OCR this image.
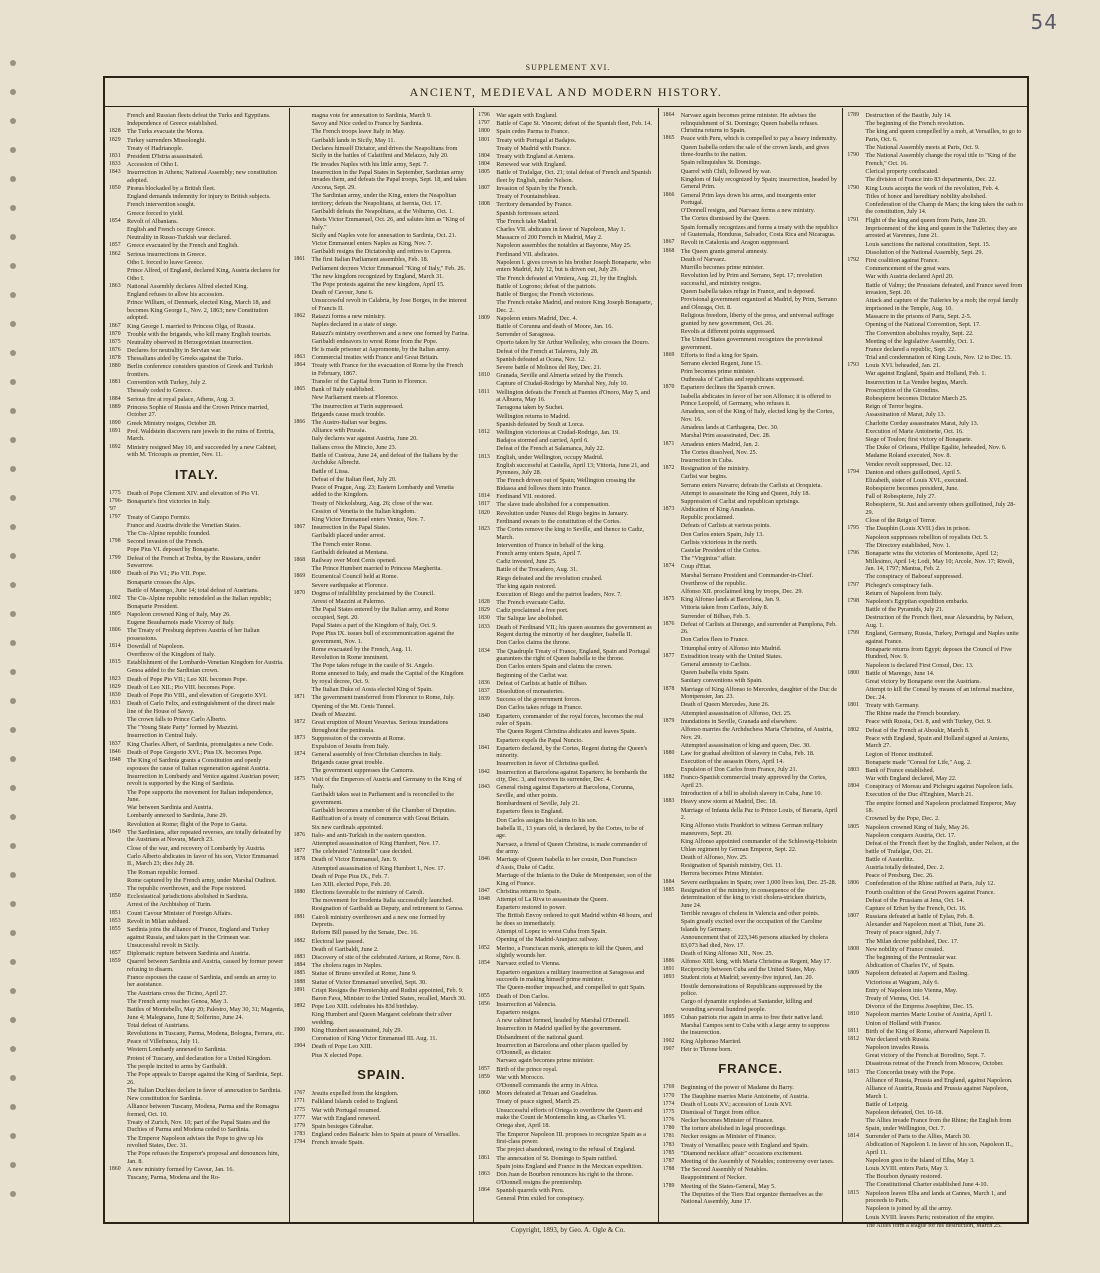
54
SUPPLEMENT XVI.
ANCIENT, MEDIEVAL AND MODERN HISTORY.
French and Russian fleets defeat the Turks and Egyptians.
Independence of Greece established.
1828	The Turks evacuate the Morea.
1829	Turkey surrenders Missolonghi.
Treaty of Hadrianople.
1831	President D'Istria assassinated.
1833	Accession of Otho I.
1843	Insurrection in Athens; National Assembly; new constitution adopted.
1850	Piræus blockaded by a British fleet.
England demands indemnity for injury to British subjects.
French intervention sought.
Greece forced to yield.
1854	Revolt of Albanians.
English and French occupy Greece.
Neutrality in Russo-Turkish war declared.
1857	Greece evacuated by the French and English.
1862	Serious insurrections in Greece.
Otho I. forced to leave Greece.
Prince Alfred, of England, declared King, Austria declares for Otho I.
1863	National Assembly declares Alfred elected King.
England refuses to allow his accession.
Prince William, of Denmark, elected King, March 18, and becomes King George I., Nov. 2, 1863; new Constitution adopted.
1867	King George I. married to Princess Olga, of Russia.
1870	Trouble with the brigands, who kill many English tourists.
1875	Neutrality observed in Herzegovinian insurrection.
1876	Declares for neutrality in Servian war.
1878	Thessalians aided by Greeks against the Turks.
1880	Berlin conference considers question of Greek and Turkish frontiers.
1881	Convention with Turkey, July 2.
Thessaly ceded to Greece.
1884	Serious fire at royal palace, Athens, Aug. 3.
1889	Princess Sophie of Russia and the Crown Prince married, October 27.
1890	Greek Ministry resigns, October 28.
1891	Prof. Waldstein discovers rare jewels in the ruins of Eretria, March.
1892	Ministry resigned May 10, and succeeded by a new Cabinet, with M. Tricoupis as premier, Nov. 11.
ITALY.
1775	Death of Pope Clement XIV. and elevation of Pio VI.
1796-'97
Bonaparte's first victories in Italy.
1797	Treaty of Campo Formio.
France and Austria divide the Venetian States.
The Cis-Alpine republic founded.
1798	Second invasion of the French.
Pope Pius VI. deposed by Bonaparte.
1799	Defeat of the French at Trebia, by the Russians, under Suwarrow.
1800	Death of Pio VI.; Pio VII. Pope.
Bonaparte crosses the Alps.
Battle of Marengo, June 14; total defeat of Austrians.
1802	The Cis-Alpine republic remodeled as the Italian republic; Bonaparte President.
1805	Napoleon crowned King of Italy, May 26.
Eugene Beauharnois made Viceroy of Italy.
1806	The Treaty of Presburg deprives Austria of her Italian possessions.
1814	Downfall of Napoleon.
Overthrow of the Kingdom of Italy.
1815	Establishment of the Lombardo-Venetian Kingdom for Austria.
Genoa added to the Sardinian crown.
1823	Death of Pope Pio VII.; Leo XII. becomes Pope.
1829	Death of Leo XII.; Pio VIII. becomes Pope.
1830	Death of Pope Pio VIII., and elevation of Gregorio XVI.
1831	Death of Carlo Felix, and extinguishment of the direct male line of the House of Savoy.
The crown falls to Prince Carlo Alberto.
The "Young State Party" formed by Mazzini.
Insurrection in Central Italy.
1837	King Charles Albert, of Sardinia, promulgates a new Code.
1846	Death of Pope Gregorio XVI.; Pius IX. becomes Pope.
1848	The King of Sardinia grants a Constitution and openly espouses the cause of Italian regeneration against Austria.
Insurrection in Lombardy and Venice against Austrian power; revolt is supported by the King of Sardinia.
The Pope supports the movement for Italian independence, June.
War between Sardinia and Austria.
Lombardy annexed to Sardinia, June 29.
Revolution at Rome; flight of the Pope to Gaeta.
1849	The Sardinians, after repeated reverses, are totally defeated by the Austrians at Novara, March 23.
Close of the war, and recovery of Lombardy by Austria.
Carlo Alberto abdicates in favor of his son, Victor Emmanuel II., March 23; dies July 28.
The Roman republic formed.
Rome captured by the French army, under Marshal Oudinot.
The republic overthrown, and the Pope restored.
1850	Ecclesiastical jurisdictions abolished in Sardinia.
Arrest of the Archbishop of Turin.
1851	Count Cavour Minister of Foreign Affairs.
1853	Revolt in Milan subdued.
1855	Sardinia joins the alliance of France, England and Turkey against Russia, and takes part in the Crimean war.
Unsuccessful revolt in Sicily.
1857	Diplomatic rupture between Sardinia and Austria.
1859	Quarrel between Sardinia and Austria, caused by former power refusing to disarm.
France espouses the cause of Sardinia, and sends an army to her assistance.
The Austrians cross the Ticino, April 27.
The French army reaches Genoa, May 3.
Battles of Montebello, May 20; Palestro, May 30, 31; Magenta, June 4; Malegnano, June 8; Solferino, June 24.
Total defeat of Austrians.
Revolutions in Tuscany, Parma, Modena, Bologna, Ferrara, etc.
Peace of Villefranca, July 11.
Western Lombardy annexed to Sardinia.
Protest of Tuscany, and declaration for a United Kingdom.
The people incited to arms by Garibaldi.
The Pope appeals to Europe against the King of Sardinia, Sept. 26.
The Italian Duchies declare in favor of annexation to Sardinia.
New constitution for Sardinia.
Alliance between Tuscany, Modena, Parma and the Romagna formed, Oct. 10.
Treaty of Zurich, Nov. 10; part of the Papal States and the Duchies of Parma and Modena ceded to Sardinia.
The Emperor Napoleon advises the Pope to give up his revolted States, Dec. 31.
The Pope refuses the Emperor's proposal and denounces him, Jan. 8.
1860	A new ministry formed by Cavour, Jan. 16.
Tuscany, Parma, Modena and the Ro-
magna vote for annexation to Sardinia, March 9.
Savoy and Nice ceded to France by Sardinia.
The French troops leave Italy in May.
Garibaldi lands in Sicily, May 11.
Declares himself Dictator, and drives the Neapolitans from Sicily in the battles of Calatifimi and Melazzo, July 20.
He invades Naples with his little army, Sept. 7.
Insurrection in the Papal States in September, Sardinian army invades them, and defeats the Papal troops, Sept. 18, and takes Ancona, Sept. 29.
The Sardinian army, under the King, enters the Neapolitan territory; defeats the Neapolitans, at Isernia, Oct. 17.
Garibaldi defeats the Neapolitans, at the Volturno, Oct. 1.
Meets Victor Emmanuel, Oct. 26, and salutes him as "King of Italy."
Sicily and Naples vote for annexation to Sardinia, Oct. 21.
Victor Emmanuel enters Naples as King, Nov. 7.
Garibaldi resigns the Dictatorship and retires to Caprera.
1861	The first Italian Parliament assembles, Feb. 18.
Parliament decrees Victor Emmanuel "King of Italy," Feb. 26.
The new kingdom recognized by England, March 31.
The Pope protests against the new kingdom, April 15.
Death of Cavour, June 6.
Unsuccessful revolt in Calabria, by Jose Borges, in the interest of Francis II.
1862	Ratazzi forms a new ministry.
Naples declared in a state of siege.
Ratazzi's ministry overthrown and a new one formed by Farina.
Garibaldi endeavors to wrest Rome from the Pope.
He is made prisoner at Aspromonte, by the Italian army.
1863	Commercial treaties with France and Great Britain.
1864	Treaty with France for the evacuation of Rome by the French in February, 1867.
Transfer of the Capital from Turin to Florence.
1865	Bank of Italy established.
New Parliament meets at Florence.
The insurrection at Turin suppressed.
Brigands cause much trouble.
1866	The Austro-Italian war begins.
Alliance with Prussia.
Italy declares war against Austria, June 20.
Italians cross the Mincio, June 23.
Battle of Custoza, June 24, and defeat of the Italians by the Archduke Albrecht.
Battle of Lissa.
Defeat of the Italian fleet, July 20.
Peace of Prague, Aug. 23; Eastern Lombardy and Venetia added to the Kingdom.
Treaty of Nickolsburg, Aug. 26; close of the war.
Cession of Venetia to the Italian kingdom.
King Victor Emmanuel enters Venice, Nov. 7.
1867	Insurrection in the Papal States.
Garibaldi placed under arrest.
The French enter Rome.
Garibaldi defeated at Mentana.
1868	Railway over Mont Cenis opened.
The Prince Humbert married to Princess Margherita.
1869	Ecumenical Council held at Rome.
Severe earthquake at Florence.
1870	Dogma of infallibility proclaimed by the Council.
Arrest of Mazzini at Palermo.
The Papal States entered by the Italian army, and Rome occupied, Sept. 20.
Papal States a part of the Kingdom of Italy, Oct. 9.
Pope Pius IX. issues bull of excommunication against the government, Nov. 1.
Rome evacuated by the French, Aug. 11.
Revolution in Rome imminent.
The Pope takes refuge in the castle of St. Angelo.
Rome annexed to Italy, and made the Capital of the Kingdom by royal decree, Oct. 9.
The Italian Duke of Aosta elected King of Spain.
1871	The government transferred from Florence to Rome, July.
Opening of the Mt. Cenis Tunnel.
Death of Mazzini.
1872	Great eruption of Mount Vesuvius. Serious inundations throughout the peninsula.
1873	Suppression of the convents at Rome.
Expulsion of Jesuits from Italy.
1874	General assembly of free Christian churches in Italy.
Brigands cause great trouble.
The government suppresses the Camorra.
1875	Visit of the Emperors of Austria and Germany to the King of Italy.
Garibaldi takes seat in Parliament and is reconciled to the government.
Garibaldi becomes a member of the Chamber of Deputies.
Ratification of a treaty of commerce with Great Britain.
Six new cardinals appointed.
1876	Italo- and anti-Turkish in the eastern question.
Attempted assassination of King Humbert, Nov. 17.
1877	The celebrated "Antonelli" case decided.
1878	Death of Victor Emmanuel, Jan. 9.
Attempted assassination of King Humbert I., Nov. 17.
Death of Pope Pius IX., Feb. 7.
Leo XIII. elected Pope, Feb. 20.
1880	Elections favorable to the ministry of Cairoli.
The movement for Irredenta Italia successfully launched.
Resignation of Garibaldi as Deputy, and retirement to Genoa.
1881	Cairoli ministry overthrown and a new one formed by Depretis.
Reform Bill passed by the Senate, Dec. 16.
1882	Electoral law passed.
Death of Garibaldi, June 2.
1883	Discovery of site of the celebrated Atrium, at Rome, Nov. 8.
1884	The cholera rages in Naples.
1885	Statue of Bruno unveiled at Rome, June 9.
1888	Statue of Victor Emmanuel unveiled, Sept. 30.
1891	Crispi Resigns the Premiership and Rudini appointed, Feb. 9.
Baron Fava, Minister to the United States, recalled, March 30.
1892	Pope Leo XIII. celebrates his 83d birthday.
King Humbert and Queen Margaret celebrate their silver wedding.
1900	King Humbert assassinated, July 29.
Coronation of King Victor Emmanuel III. Aug. 11.
1904	Death of Pope Leo XIII.
Pius X elected Pope.
SPAIN.
1767	Jesuits expelled from the kingdom.
1771	Falkland Islands ceded to England.
1775	War with Portugal resumed.
1777	War with England renewed.
1779	Spain besieges Gibraltar.
1783	England cedes Balearic Isles to Spain at peace of Versailles.
1794	French invade Spain.
1796	War again with England.
1797	Battle of Cape St. Vincent; defeat of the Spanish fleet, Feb. 14.
1800	Spain cedes Parma to France.
1801	Treaty with Portugal at Badajos.
Treaty of Madrid with France.
1804	Treaty with England at Amiens.
1804	Renewed war with England.
1805	Battle of Trafalgar, Oct. 21; total defeat of French and Spanish fleet by English, under Nelson.
1807	Invasion of Spain by the French.
Treaty of Fountainebleau.
1808	Territory demanded by France.
Spanish fortresses seized.
The French take Madrid.
Charles VII. abdicates in favor of Napoleon, May 1.
Massacre of 200 French in Madrid, May 2.
Napoleon assembles the notables at Bayonne, May 25.
Ferdinand VII. abdicates.
Napoleon I. gives crown to his brother Joseph Bonaparte, who enters Madrid, July 12, but is driven out, July 29.
The French defeated at Vimiera, Aug. 21, by the English.
Battle of Logrono; defeat of the patriots.
Battle of Burgos; the French victorious.
The French retake Madrid, and restore King Joseph Bonaparte, Dec. 2.
1809	Napoleon enters Madrid, Dec. 4.
Battle of Corunna and death of Moore, Jan. 16.
Surrender of Saragossa.
Oporto taken by Sir Arthur Wellesley, who crosses the Douro.
Defeat of the French at Talavera, July 28.
Spanish defeated at Ocana, Nov. 12.
Severe battle of Molinos del Rey, Dec. 21.
1810	Granada, Seville and Almeria seized by the French.
Capture of Ciudad-Rodrigo by Marshal Ney, July 10.
1811	Wellington defeats the French at Fuentes d'Onoro, May 5, and at Albuera, May 16.
Tarragona taken by Suchet.
Wellington returns to Madrid.
Spanish defeated by Soult at Lorca.
1812	Wellington victorious at Ciudad-Rodrigo, Jan. 19.
Badajos stormed and carried, April 6.
Defeat of the French at Salamanca, July 22.
1813	English, under Wellington, occupy Madrid.
English successful at Castella, April 13; Vittoria, June 21, and Pyrenees, July 28.
The French driven out of Spain; Wellington crossing the Bidasoa and follows them into France.
1814	Ferdinand VII. restored.
1817	The slave trade abolished for a compensation.
1820	Revolution under Nunes del Riego begins in January.
Ferdinand swears to the constitution of the Cortes.
1823	The Cortes remove the king to Seville, and thence to Cadiz, March.
Intervention of France in behalf of the king.
French army enters Spain, April 7.
Cadiz invested, June 25.
Battle of the Trocadero, Aug. 31.
Riego defeated and the revolution crushed.
The king again restored.
Execution of Riego and the patriot leaders, Nov. 7.
1828	The French evacuate Cadiz.
1829	Cadiz proclaimed a free port.
1830	The Salique law abolished.
1833	Death of Ferdinand VII.; his queen assumes the government as Regent during the minority of her daughter, Isabella II.
Don Carlos claims the throne.
1834	The Quadruple Treaty of France, England, Spain and Portugal guarantees the right of Queen Isabella to the throne.
Don Carlos enters Spain and claims the crown.
Beginning of the Carlist war.
1836	Defeat of Carlists at battle of Bilbao.
1837	Dissolution of monasteries.
1839	Success of the government forces.
Don Carlos takes refuge in France.
1840	Espartero, commander of the royal forces, becomes the real ruler of Spain.
The Queen Regent Christina abdicates and leaves Spain.
Espartero expels the Papal Nuncio.
1841	Espartero declared, by the Cortes, Regent during the Queen's minority.
Insurrection in favor of Christina quelled.
1842	Insurrection at Barcelona against Espartero; he bombards the city, Dec. 3, and receives its surrender, Dec. 4.
1843	General rising against Espartero at Barcelona, Corunna, Seville, and other points.
Bombardment of Seville, July 21.
Espartero flees to England.
Don Carlos assigns his claims to his son.
Isabella II., 13 years old, is declared, by the Cortes, to be of age.
Narvaez, a friend of Queen Christina, is made commander of the army.
1846	Marriage of Queen Isabella to her cousin, Don Francisco d'Assis, Duke of Cadiz.
Marriage of the Infanta to the Duke de Montpensier, son of the King of France.
1847	Christina returns to Spain.
1848	Attempt of La Riva to assassinate the Queen.
Espartero restored to power.
The British Envoy ordered to quit Madrid within 48 hours, and he does so immediately.
Attempt of Lopez to wrest Cuba from Spain.
Opening of the Madrid-Aranjuez railway.
1852	Merino, a Franciscan monk, attempts to kill the Queen, and slightly wounds her.
1854	Narvaez exiled to Vienna.
Espartero organizes a military insurrection at Saragossa and succeeds in making himself prime minister.
The Queen-mother impeached, and compelled to quit Spain.
1855	Death of Don Carlos.
1856	Insurrection at Valencia.
Espartero resigns.
A new cabinet formed, headed by Marshal O'Donnell.
Insurrection in Madrid quelled by the government.
Disbandment of the national guard.
Insurrection at Barcelona and other places quelled by O'Donnell, as dictator.
Narvaez again becomes prime minister.
1857	Birth of the prince royal.
1859	War with Morocco.
O'Donnell commands the army in Africa.
1860	Moors defeated at Tetuan and Guadelras.
Treaty of peace signed, March 25.
Unsuccessful efforts of Ortega to overthrow the Queen and make the Count de Montemolin king, as Charles VI.
Ortega shot, April 18.
The Emperor Napoleon III. proposes to recognize Spain as a first-class power.
The project abandoned, owing to the refusal of England.
1861	The annexation of St. Domingo to Spain ratified.
Spain joins England and France in the Mexican expedition.
1863	Don Juan de Bourbon renounces his right to the throne.
O'Donnell resigns the premiership.
1864	Spanish quarrels with Peru.
General Prim exiled for conspiracy.
1864	Narvaez again becomes prime minister. He advises the relinquishment of St. Domingo; Queen Isabella refuses. Christina returns to Spain.
1865	Peace with Peru, which is compelled to pay a heavy indemnity.
Queen Isabella orders the sale of the crown lands, and gives three-fourths to the nation.
Spain relinquishes St. Domingo.
Quarrel with Chili, followed by war.
Kingdom of Italy recognized by Spain; insurrection, headed by General Prim.
1866	General Prim lays down his arms, and insurgents enter Portugal.
O'Donnell resigns, and Narvaez forms a new ministry.
The Cortes dismissed by the Queen.
Spain formally recognizes and forms a treaty with the republics of Guatemala, Honduras, Salvador, Costa Rica and Nicaragua.
1867	Revolt in Catalonia and Aragon suppressed.
1868	The Queen grants general amnesty.
Death of Narvaez.
Murrillo becomes prime minister.
Revolution led by Prim and Serrano, Sept. 17; revolution successful, and ministry resigns.
Queen Isabella takes refuge in France, and is deposed.
Provisional government organized at Madrid, by Prim, Serrano and Olozaga, Oct. 8.
Religious freedom, liberty of the press, and universal suffrage granted by new government, Oct. 26.
Revolts at different points suppressed.
The United States government recognizes the provisional government.
1869	Efforts to find a king for Spain.
Serrano elected Regent, June 15.
Prim becomes prime minister.
Outbreaks of Carlists and republicans suppressed.
1870	Espartero declines the Spanish crown.
Isabella abdicates in favor of her son Alfonso; it is offered to Prince Leopold, of Germany, who refuses it.
Amadeus, son of the King of Italy, elected king by the Cortes, Nov. 16.
Amadeus lands at Carthagena, Dec. 30.
Marshal Prim assassinated, Dec. 28.
1871	Amadeus enters Madrid, Jan. 2.
The Cortes dissolved, Nov. 25.
Insurrection in Cuba.
1872	Resignation of the ministry.
Carlist war begins.
Serrano enters Navarre; defeats the Carlists at Oroquieta.
Attempt to assassinate the King and Queen, July 18.
Suppression of Carlist and republican uprisings.
1873	Abdication of King Amadeus.
Republic proclaimed.
Defeats of Carlists at various points.
Don Carlos enters Spain, July 13.
Carlists victorious in the north.
Castelar President of the Cortes.
The "Virginius" affair.
1874	Coup d'Etat.
Marshal Serrano President and Commander-in-Chief.
Overthrow of the republic.
Alfonso XII. proclaimed king by troops, Dec. 29.
1875	King Alfonso lands at Barcelona, Jan. 9.
Vittoria taken from Carlists, July 8.
Surrender of Bilbao, Feb. 5.
1876	Defeat of Carlists at Durango, and surrender at Pamplona, Feb. 26.
Don Carlos flees to France.
Triumphal entry of Alfonso into Madrid.
1877	Extradition treaty with the United States.
General amnesty to Carlists.
Queen Isabella visits Spain.
Sanitary conventions with Spain.
1878	Marriage of King Alfonso to Mercedes, daughter of the Duc de Montpensier, Jan. 23.
Death of Queen Mercedes, June 26.
Attempted assassination of Alfonso, Oct. 25.
1879	Inundations in Seville, Granada and elsewhere.
Alfonso marries the Archduchess Maria Christina, of Austria, Nov. 29.
Attempted assassination of king and queen, Dec. 30.
1880	Law for gradual abolition of slavery in Cuba, Feb. 18.
Execution of the assassin Otero, April 14.
Expulsion of Don Carlos from France, July 21.
1882	Franco-Spanish commercial treaty approved by the Cortes, April 23.
Introduction of a bill to abolish slavery in Cuba, June 10.
1883	Heavy snow storm at Madrid, Dec. 18.
Marriage of Infanta della Paz to Prince Louis, of Bavaria, April 2.
King Alfonso visits Frankfort to witness German military maneuvers, Sept. 20.
King Alfonso appointed commander of the Schleswig-Holstein Uhlan regiment by German Emperor, Sept. 22.
Death of Alfonso, Nov. 25.
Resignation of Spanish ministry, Oct. 11.
Herrera becomes Prime Minister.
1884	Severe earthquakes in Spain; over 1,000 lives lost, Dec. 25-28.
1885	Resignation of the ministry, in consequence of the determination of the king to visit cholera-stricken districts, June 24.
Terrible ravages of cholera in Valencia and other points.
Spain greatly excited over the occupation of the Caroline Islands by Germany.
Announcement that of 223,346 persons attacked by cholera 83,073 had died, Nov. 17.
Death of King Alfonso XII., Nov. 25.
1886	Alfonso XIII. king, with Maria Christina as Regent, May 17.
1891	Reciprocity between Cuba and the United States, May.
1893	Student riots at Madrid; seventy-five injured, Jan. 20.
Hostile demonstrations of Republicans suppressed by the police.
Cargo of dynamite explodes at Santander, killing and wounding several hundred people.
1895	Cuban patriots rise again in arms to free their native land. Marshal Campos sent to Cuba with a large army to suppress the insurrection.
1902	King Alphonso Married.
1907	Heir to Throne born.
FRANCE.
1769	Beginning of the power of Madame du Barry.
1770	The Dauphine marries Marie Antoinette, of Austria.
1774	Death of Louis XV.; accession of Louis XVI.
1775	Dismissal of Turgot from office.
1776	Necker becomes Minister of Finance.
1780	The torture abolished in legal proceedings.
1781	Necker resigns as Minister of Finance.
1783	Treaty of Versailles; peace with England and Spain.
1785	"Diamond necklace affair" occasions excitement.
1787	Meeting of the Assembly of Notables; controversy over taxes.
1788	The Second Assembly of Notables.
Reappointment of Necker.
1789	Meeting of the States-General, May 5.
The Deputies of the Tiers Etat organize themselves as the National Assembly, June 17.
1789	Destruction of the Bastile, July 14.
The beginning of the French revolution.
The king and queen compelled by a mob, at Versailles, to go to Paris, Oct. 6.
The National Assembly meets at Paris, Oct. 9.
1790	The National Assembly change the royal title to "King of the French," Oct. 16.
Clerical property confiscated.
The division of France into 83 departments, Dec. 22.
1790	King Louis accepts the work of the revolution, Feb. 4.
Titles of honor and hereditary nobility abolished.
Confederation of the Champ de Mars; the king takes the oath to the constitution, July 14.
1791	Flight of the king and queen from Paris, June 20.
Imprisonment of the king and queen in the Tuileries; they are arrested at Varennes, June 21.
Louis sanctions the national constitution, Sept. 15.
Dissolution of the National Assembly, Sept. 29.
1792	First coalition against France.
Commencement of the great wars.
War with Austria declared April 20.
Battle of Valmy; the Prussians defeated, and France saved from invasion, Sept. 20.
Attack and capture of the Tuileries by a mob; the royal family imprisoned in the Temple, Aug. 10.
Massacre in the prisons of Paris, Sept. 2-5.
Opening of the National Convention, Sept. 17.
The Convention abolishes royalty, Sept. 22.
Meeting of the legislative Assembly, Oct. 1.
France declared a republic, Sept. 22.
Trial and condemnation of King Louis, Nov. 12 to Dec. 15.
1793	Louis XVI. beheaded, Jan. 21.
War against England, Spain and Holland, Feb. 1.
Insurrection in La Vendee begins, March.
Proscription of the Girondins.
Robespierre becomes Dictator March 25.
Reign of Terror begins.
Assassination of Marat, July 13.
Charlotte Corday assassinates Marat, July 13.
Execution of Marie Antoinette, Oct. 16.
Siege of Toulon; first victory of Bonaparte.
The Duke of Orleans, Phillipe Egalite, beheaded, Nov. 6.
Madame Roland executed, Nov. 8.
Vendee revolt suppressed, Dec. 12.
1794	Danton and others guillotined, April 5.
Elizabeth, sister of Louis XVI., executed.
Robespierre becomes president, June.
Fall of Robespierre, July 27.
Robespierre, St. Just and seventy others guillotined, July 28-29.
Close of the Reign of Terror.
1795	The Dauphin (Louis XVII.) dies in prison.
Napoleon suppresses rebellion of royalists Oct. 5.
The Directory established, Nov. 1.
1796	Bonaparte wins the victories of Montenotte, April 12; Millesimo, April 14; Lodi, May 10; Arcole, Nov. 17; Rivoli, Jan. 14, 1797; Mantua, Feb. 2.
The conspiracy of Baboeuf suppressed.
1797	Pichegru's conspiracy fails.
Return of Napoleon from Italy.
1798	Napoleon's Egyptian expedition embarks.
Battle of the Pyramids, July 21.
Destruction of the French fleet, near Alexandria, by Nelson, Aug. 1.
1799	England, Germany, Russia, Turkey, Portugal and Naples unite against France.
Bonaparte returns from Egypt; deposes the Council of Five Hundred, Nov. 9.
Napoleon is declared First Consul, Dec. 13.
1800	Battle of Marengo, June 14.
Great victory by Bonaparte over the Austrians.
Attempt to kill the Consul by means of an infernal machine, Dec. 24.
1801	Treaty with Germany.
The Rhine made the French boundary.
Peace with Russia, Oct. 8, and with Turkey, Oct. 9.
1802	Defeat of the French at Aboukir, March 8.
Peace with England, Spain and Holland signed at Amiens, March 27.
Legion of Honor instituted.
Bonaparte made "Consul for Life," Aug. 2.
1803	Bank of France established.
War with England declared, May 22.
1804	Conspiracy of Moreau and Pichegru against Napoleon fails.
Execution of the Duc d'Enghien, March 21.
The empire formed and Napoleon proclaimed Emperor, May 18.
Crowned by the Pope, Dec. 2.
1805	Napoleon crowned King of Italy, May 26.
Napoleon conquers Austria, Oct. 17.
Defeat of the French fleet by the English, under Nelson, at the battle of Trafalgar, Oct. 21.
Battle of Austerlitz.
Austria totally defeated, Dec. 2.
Peace of Presburg, Dec. 26.
1806	Confederation of the Rhine ratified at Paris, July 12.
Fourth coalition of the Great Powers against France.
Defeat of the Prussians at Jena, Oct. 14.
Capture of Erfurt by the French, Oct. 16.
1807	Russians defeated at battle of Eylau, Feb. 8.
Alexander and Napoleon meet at Tilsit, June 26.
Treaty of peace signed, July 7.
The Milan decree published, Dec. 17.
1808	New nobility of France created.
The beginning of the Peninsular war.
Abdication of Charles IV., of Spain.
1809	Napoleon defeated at Aspern and Essling.
Victorious at Wagram, July 6.
Entry of Napoleon into Vienna, May.
Treaty of Vienna, Oct. 14.
Divorce of the Empress Josephine, Dec. 15.
1810	Napoleon marries Marie Louise of Austria, April 1.
Union of Holland with France.
1811	Birth of the King of Rome, afterward Napoleon II.
1812	War declared with Russia.
Napoleon invades Russia.
Great victory of the French at Borodino, Sept. 7.
Disastrous retreat of the French from Moscow, October.
1813	The Concordat treaty with the Pope.
Alliance of Russia, Prussia and England, against Napoleon.
Alliance of Austria, Russia and Prussia against Napoleon, March 1.
Battle of Leipzig.
Napoleon defeated, Oct. 16-18.
The Allies invade France from the Rhine; the English from Spain, under Wellington, Oct. 7.
1814	Surrender of Paris to the Allies, March 30.
Abdication of Napoleon I. in favor of his son, Napoleon II., April 11.
Napoleon goes to the Island of Elba, May 3.
Louis XVIII. enters Paris, May 3.
The Bourbon dynasty restored.
The Constitutional Charter established June 4-10.
1815	Napoleon leaves Elba and lands at Cannes, March 1, and proceeds to Paris.
Napoleon is joined by all the army.
Louis XVIII. leaves Paris; restoration of the empire.
The Allies form a league for his destruction, March 25.
Copyright, 1893, by Geo. A. Ogle & Co.
